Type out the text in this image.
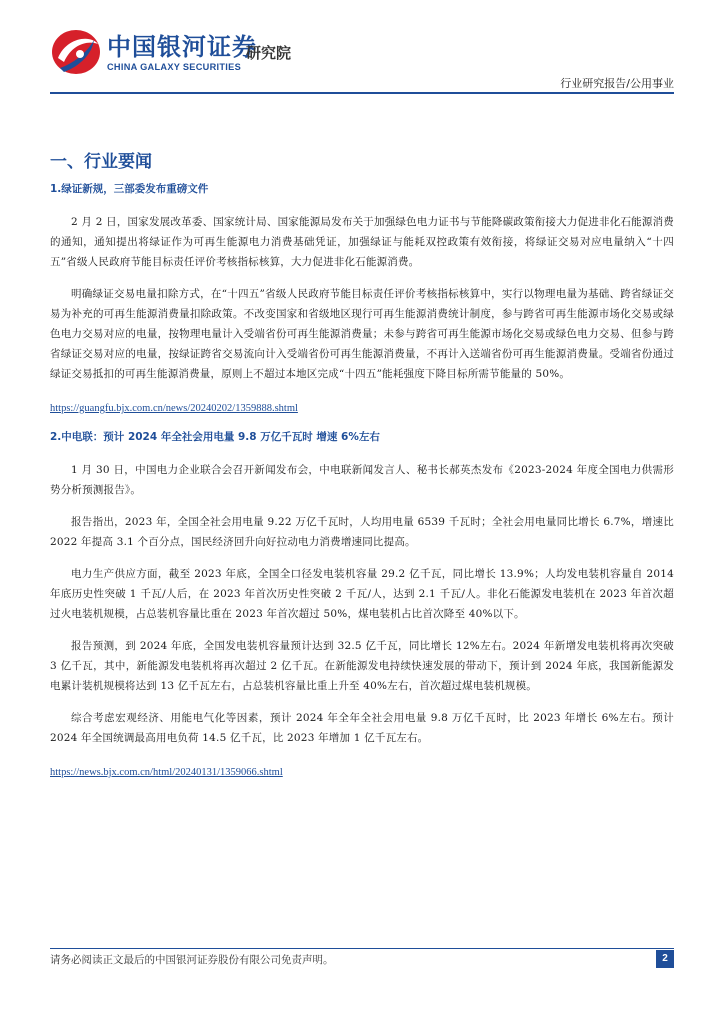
中国银河证券
CHINA GALAXY SECURITIES
研究院
行业研究报告/公用事业
一、行业要闻
1.绿证新规，三部委发布重磅文件

2 月 2 日，国家发展改革委、国家统计局、国家能源局发布关于加强绿色电力证书与节能降碳政策衔接大力促进非化石能源消费的通知，通知提出将绿证作为可再生能源电力消费基础凭证，加强绿证与能耗双控政策有效衔接，将绿证交易对应电量纳入“十四五”省级人民政府节能目标责任评价考核指标核算，大力促进非化石能源消费。

明确绿证交易电量扣除方式，在“十四五”省级人民政府节能目标责任评价考核指标核算中，实行以物理电量为基础、跨省绿证交易为补充的可再生能源消费量扣除政策。不改变国家和省级地区现行可再生能源消费统计制度，参与跨省可再生能源市场化交易或绿色电力交易对应的电量，按物理电量计入受端省份可再生能源消费量；未参与跨省可再生能源市场化交易或绿色电力交易、但参与跨省绿证交易对应的电量，按绿证跨省交易流向计入受端省份可再生能源消费量，不再计入送端省份可再生能源消费量。受端省份通过绿证交易抵扣的可再生能源消费量，原则上不超过本地区完成“十四五”能耗强度下降目标所需节能量的 50%。

https://guangfu.bjx.com.cn/news/20240202/1359888.shtml
2.中电联：预计 2024 年全社会用电量 9.8 万亿千瓦时 增速 6%左右

1 月 30 日，中国电力企业联合会召开新闻发布会，中电联新闻发言人、秘书长郝英杰发布《2023-2024 年度全国电力供需形势分析预测报告》。

报告指出，2023 年，全国全社会用电量 9.22 万亿千瓦时，人均用电量 6539 千瓦时；全社会用电量同比增长 6.7%，增速比 2022 年提高 3.1 个百分点，国民经济回升向好拉动电力消费增速同比提高。

电力生产供应方面，截至 2023 年底，全国全口径发电装机容量 29.2 亿千瓦，同比增长 13.9%；人均发电装机容量自 2014 年底历史性突破 1 千瓦/人后，在 2023 年首次历史性突破 2 千瓦/人，达到 2.1 千瓦/人。非化石能源发电装机在 2023 年首次超过火电装机规模，占总装机容量比重在 2023 年首次超过 50%，煤电装机占比首次降至 40%以下。

报告预测，到 2024 年底，全国发电装机容量预计达到 32.5 亿千瓦，同比增长 12%左右。2024 年新增发电装机将再次突破 3 亿千瓦，其中，新能源发电装机将再次超过 2 亿千瓦。在新能源发电持续快速发展的带动下，预计到 2024 年底，我国新能源发电累计装机规模将达到 13 亿千瓦左右，占总装机容量比重上升至 40%左右，首次超过煤电装机规模。

综合考虑宏观经济、用能电气化等因素，预计 2024 年全年全社会用电量 9.8 万亿千瓦时，比 2023 年增长 6%左右。预计 2024 年全国统调最高用电负荷 14.5 亿千瓦，比 2023 年增加 1 亿千瓦左右。

https://news.bjx.com.cn/html/20240131/1359066.shtml
请务必阅读正文最后的中国银河证券股份有限公司免责声明。	2
